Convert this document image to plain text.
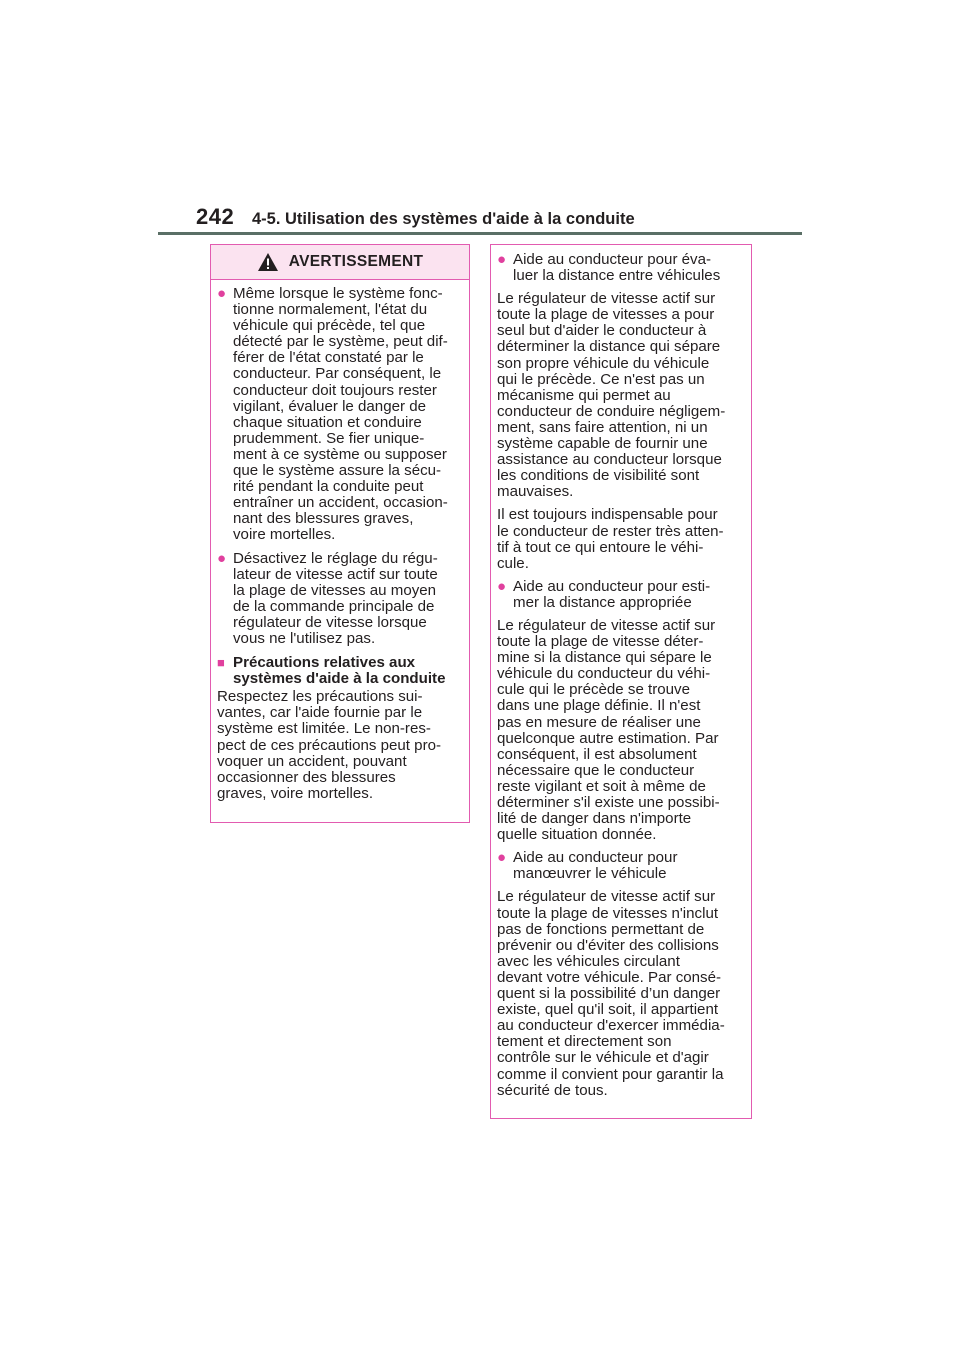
242 4-5. Utilisation des systèmes d'aide à la conduite
AVERTISSEMENT
● Même lorsque le système fonc-
tionne normalement, l'état du
véhicule qui précède, tel que
détecté par le système, peut dif-
férer de l'état constaté par le
conducteur. Par conséquent, le
conducteur doit toujours rester
vigilant, évaluer le danger de
chaque situation et conduire
prudemment. Se fier unique-
ment à ce système ou supposer
que le système assure la sécu-
rité pendant la conduite peut
entraîner un accident, occasion-
nant des blessures graves,
voire mortelles.
● Désactivez le réglage du régu-
lateur de vitesse actif sur toute
la plage de vitesses au moyen
de la commande principale de
régulateur de vitesse lorsque
vous ne l'utilisez pas.
■ Précautions relatives aux
systèmes d'aide à la conduite
Respectez les précautions sui-
vantes, car l'aide fournie par le
système est limitée. Le non-res-
pect de ces précautions peut pro-
voquer un accident, pouvant
occasionner des blessures
graves, voire mortelles.
● Aide au conducteur pour éva-
luer la distance entre véhicules
Le régulateur de vitesse actif sur
toute la plage de vitesses a pour
seul but d'aider le conducteur à
déterminer la distance qui sépare
son propre véhicule du véhicule
qui le précède. Ce n'est pas un
mécanisme qui permet au
conducteur de conduire négligem-
ment, sans faire attention, ni un
système capable de fournir une
assistance au conducteur lorsque
les conditions de visibilité sont
mauvaises.
Il est toujours indispensable pour
le conducteur de rester très atten-
tif à tout ce qui entoure le véhi-
cule.
● Aide au conducteur pour esti-
mer la distance appropriée
Le régulateur de vitesse actif sur
toute la plage de vitesse déter-
mine si la distance qui sépare le
véhicule du conducteur du véhi-
cule qui le précède se trouve
dans une plage définie. Il n'est
pas en mesure de réaliser une
quelconque autre estimation. Par
conséquent, il est absolument
nécessaire que le conducteur
reste vigilant et soit à même de
déterminer s'il existe une possibi-
lité de danger dans n'importe
quelle situation donnée.
● Aide au conducteur pour
manœuvrer le véhicule
Le régulateur de vitesse actif sur
toute la plage de vitesses n'inclut
pas de fonctions permettant de
prévenir ou d'éviter des collisions
avec les véhicules circulant
devant votre véhicule. Par consé-
quent si la possibilité d’un danger
existe, quel qu'il soit, il appartient
au conducteur d'exercer immédia-
tement et directement son
contrôle sur le véhicule et d'agir
comme il convient pour garantir la
sécurité de tous.
